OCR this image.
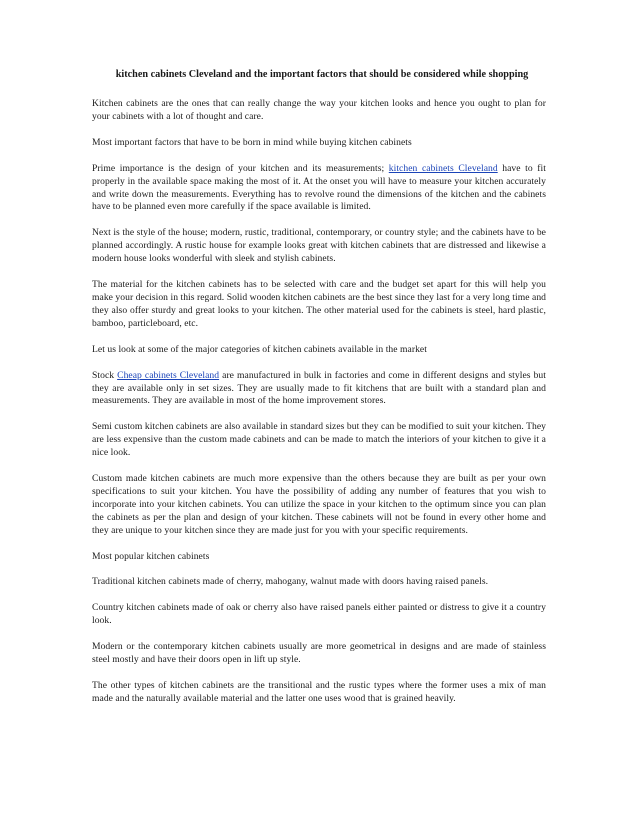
kitchen cabinets Cleveland and the important factors that should be considered while shopping

Kitchen cabinets are the ones that can really change the way your kitchen looks and hence you ought to plan for your cabinets with a lot of thought and care.

Most important factors that have to be born in mind while buying kitchen cabinets

Prime importance is the design of your kitchen and its measurements; kitchen cabinets Cleveland have to fit properly in the available space making the most of it. At the onset you will have to measure your kitchen accurately and write down the measurements. Everything has to revolve round the dimensions of the kitchen and the cabinets have to be planned even more carefully if the space available is limited.

Next is the style of the house; modern, rustic, traditional, contemporary, or country style; and the cabinets have to be planned accordingly. A rustic house for example looks great with kitchen cabinets that are distressed and likewise a modern house looks wonderful with sleek and stylish cabinets.

The material for the kitchen cabinets has to be selected with care and the budget set apart for this will help you make your decision in this regard. Solid wooden kitchen cabinets are the best since they last for a very long time and they also offer sturdy and great looks to your kitchen. The other material used for the cabinets is steel, hard plastic, bamboo, particleboard, etc.

Let us look at some of the major categories of kitchen cabinets available in the market

Stock Cheap cabinets Cleveland are manufactured in bulk in factories and come in different designs and styles but they are available only in set sizes. They are usually made to fit kitchens that are built with a standard plan and measurements. They are available in most of the home improvement stores.

Semi custom kitchen cabinets are also available in standard sizes but they can be modified to suit your kitchen. They are less expensive than the custom made cabinets and can be made to match the interiors of your kitchen to give it a nice look.

Custom made kitchen cabinets are much more expensive than the others because they are built as per your own specifications to suit your kitchen. You have the possibility of adding any number of features that you wish to incorporate into your kitchen cabinets. You can utilize the space in your kitchen to the optimum since you can plan the cabinets as per the plan and design of your kitchen. These cabinets will not be found in every other home and they are unique to your kitchen since they are made just for you with your specific requirements.

Most popular kitchen cabinets

Traditional kitchen cabinets made of cherry, mahogany, walnut made with doors having raised panels.

Country kitchen cabinets made of oak or cherry also have raised panels either painted or distress to give it a country look.

Modern or the contemporary kitchen cabinets usually are more geometrical in designs and are made of stainless steel mostly and have their doors open in lift up style.

The other types of kitchen cabinets are the transitional and the rustic types where the former uses a mix of man made and the naturally available material and the latter one uses wood that is grained heavily.
